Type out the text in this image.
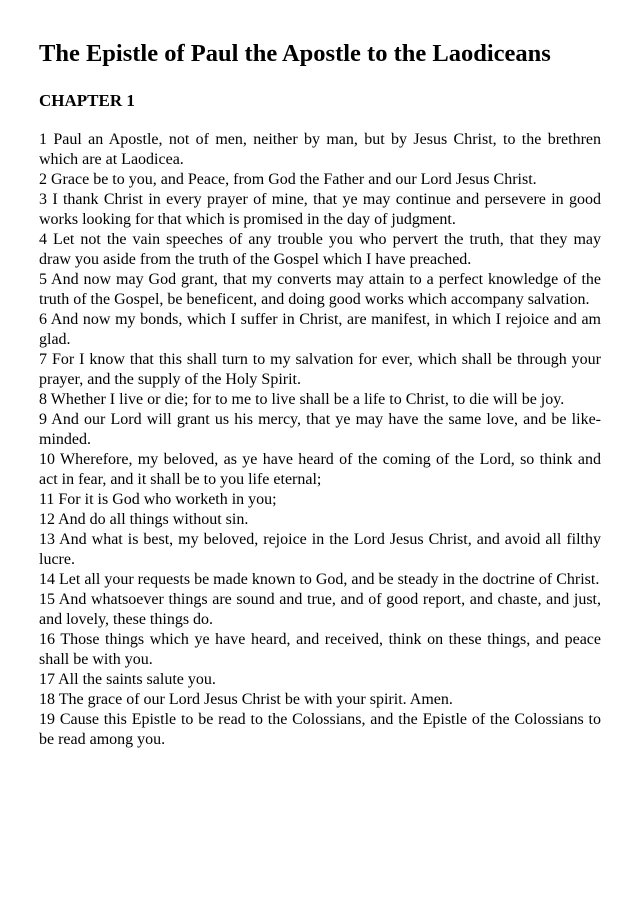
The Epistle of Paul the Apostle to the Laodiceans
CHAPTER 1

1 Paul an Apostle, not of men, neither by man, but by Jesus Christ, to the brethren which are at Laodicea.

2 Grace be to you, and Peace, from God the Father and our Lord Jesus Christ.

3 I thank Christ in every prayer of mine, that ye may continue and persevere in good works looking for that which is promised in the day of judgment.

4 Let not the vain speeches of any trouble you who pervert the truth, that they may draw you aside from the truth of the Gospel which I have preached.

5 And now may God grant, that my converts may attain to a perfect knowledge of the truth of the Gospel, be beneficent, and doing good works which accompany salvation.

6 And now my bonds, which I suffer in Christ, are manifest, in which I rejoice and am glad.

7 For I know that this shall turn to my salvation for ever, which shall be through your prayer, and the supply of the Holy Spirit.

8 Whether I live or die; for to me to live shall be a life to Christ, to die will be joy.

9 And our Lord will grant us his mercy, that ye may have the same love, and be like-minded.

10 Wherefore, my beloved, as ye have heard of the coming of the Lord, so think and act in fear, and it shall be to you life eternal;

11 For it is God who worketh in you;

12 And do all things without sin.

13 And what is best, my beloved, rejoice in the Lord Jesus Christ, and avoid all filthy lucre.

14 Let all your requests be made known to God, and be steady in the doctrine of Christ.

15 And whatsoever things are sound and true, and of good report, and chaste, and just, and lovely, these things do.

16 Those things which ye have heard, and received, think on these things, and peace shall be with you.

17 All the saints salute you.

18 The grace of our Lord Jesus Christ be with your spirit. Amen.

19 Cause this Epistle to be read to the Colossians, and the Epistle of the Colossians to be read among you.
